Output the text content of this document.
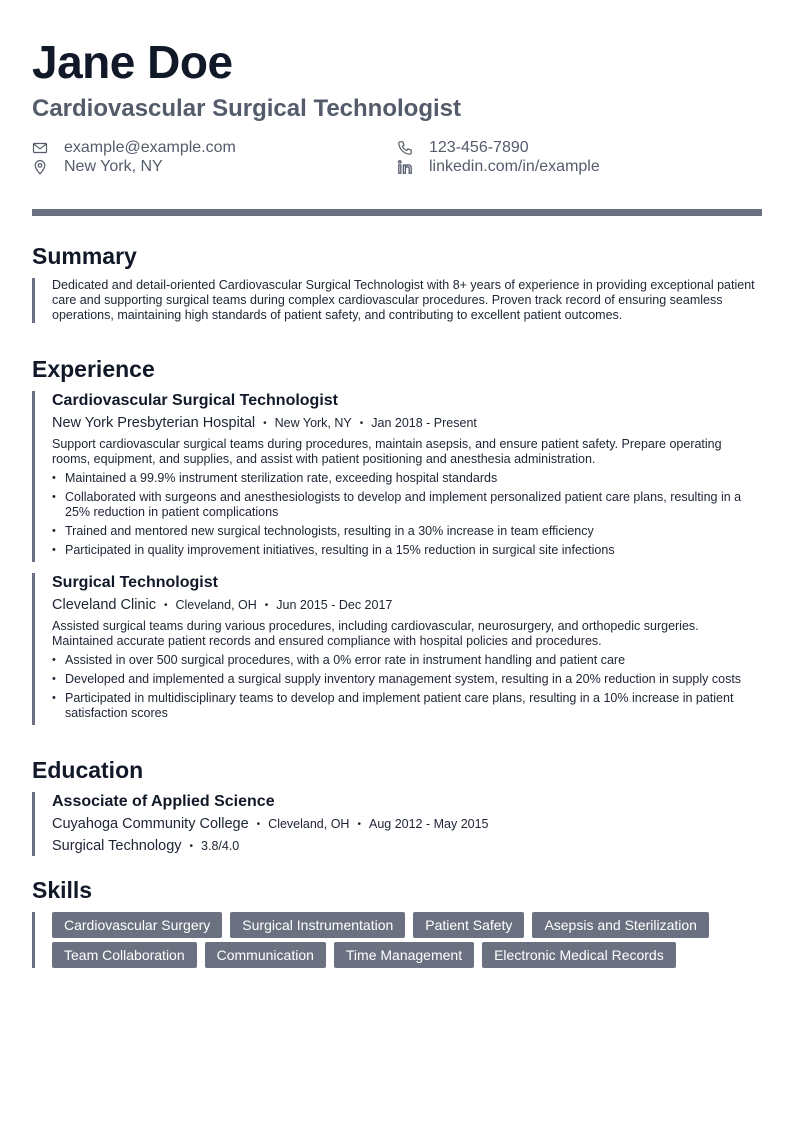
Jane Doe
Cardiovascular Surgical Technologist
example@example.com	123-456-7890
New York, NY	linkedin.com/in/example
Summary
Dedicated and detail-oriented Cardiovascular Surgical Technologist with 8+ years of experience in providing exceptional patient care and supporting surgical teams during complex cardiovascular procedures. Proven track record of ensuring seamless operations, maintaining high standards of patient safety, and contributing to excellent patient outcomes.
Experience
Cardiovascular Surgical Technologist
New York Presbyterian Hospital • New York, NY • Jan 2018 - Present
Support cardiovascular surgical teams during procedures, maintain asepsis, and ensure patient safety. Prepare operating rooms, equipment, and supplies, and assist with patient positioning and anesthesia administration.
• Maintained a 99.9% instrument sterilization rate, exceeding hospital standards
• Collaborated with surgeons and anesthesiologists to develop and implement personalized patient care plans, resulting in a 25% reduction in patient complications
• Trained and mentored new surgical technologists, resulting in a 30% increase in team efficiency
• Participated in quality improvement initiatives, resulting in a 15% reduction in surgical site infections
Surgical Technologist
Cleveland Clinic • Cleveland, OH • Jun 2015 - Dec 2017
Assisted surgical teams during various procedures, including cardiovascular, neurosurgery, and orthopedic surgeries. Maintained accurate patient records and ensured compliance with hospital policies and procedures.
• Assisted in over 500 surgical procedures, with a 0% error rate in instrument handling and patient care
• Developed and implemented a surgical supply inventory management system, resulting in a 20% reduction in supply costs
• Participated in multidisciplinary teams to develop and implement patient care plans, resulting in a 10% increase in patient satisfaction scores
Education
Associate of Applied Science
Cuyahoga Community College • Cleveland, OH • Aug 2012 - May 2015
Surgical Technology • 3.8/4.0
Skills
Cardiovascular Surgery	Surgical Instrumentation	Patient Safety	Asepsis and Sterilization
Team Collaboration	Communication	Time Management	Electronic Medical Records
